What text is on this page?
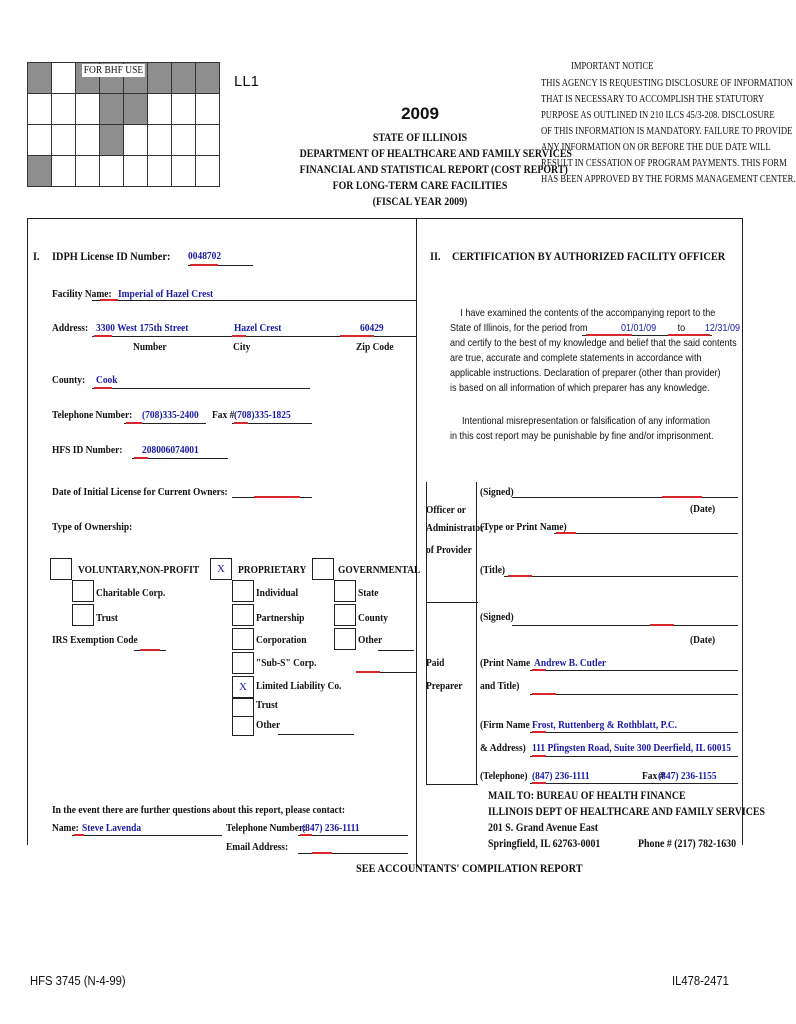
FOR BHF USE
LL1
IMPORTANT NOTICE
THIS AGENCY IS REQUESTING DISCLOSURE OF INFORMATION
THAT IS NECESSARY TO ACCOMPLISH THE STATUTORY
PURPOSE AS OUTLINED IN 210 ILCS 45/3-208. DISCLOSURE
OF THIS INFORMATION IS MANDATORY. FAILURE TO PROVIDE
ANY INFORMATION ON OR BEFORE THE DUE DATE WILL
RESULT IN CESSATION OF PROGRAM PAYMENTS. THIS FORM
HAS BEEN APPROVED BY THE FORMS MANAGEMENT CENTER.
2009
STATE OF ILLINOIS
DEPARTMENT OF HEALTHCARE AND FAMILY SERVICES
FINANCIAL AND STATISTICAL REPORT (COST REPORT)
FOR LONG-TERM CARE FACILITIES
(FISCAL YEAR 2009)
I. IDPH License ID Number: 0048702
Facility Name: Imperial of Hazel Crest
Address: 3300 West 175th Street	Hazel Crest	60429
Number	City	Zip Code
County: Cook
Telephone Number: (708)335-2400 Fax # (708)335-1825
HFS ID Number: 208006074001
Date of Initial License for Current Owners:
Type of Ownership:
VOLUNTARY,NON-PROFIT
Charitable Corp.
Trust
IRS Exemption Code
X	PROPRIETARY
Individual
Partnership
Corporation
"Sub-S" Corp.
X Limited Liability Co.
Trust
Other
GOVERNMENTAL
State
County
Other
II. CERTIFICATION BY AUTHORIZED FACILITY OFFICER
I have examined the contents of the accompanying report to the
State of Illinois, for the period from	01/01/09 to 12/31/09
and certify to the best of my knowledge and belief that the said contents
are true, accurate and complete statements in accordance with
applicable instructions. Declaration of preparer (other than provider)
is based on all information of which preparer has any knowledge.
Intentional misrepresentation or falsification of any information
in this cost report may be punishable by fine and/or imprisonment.
Officer or
Administrator
of Provider
(Signed)
(Date)
(Type or Print Name)
(Title)
(Signed)
(Date)
Paid
Preparer
(Print Name Andrew B. Cutler
and Title)
(Firm Name Frost, Ruttenberg & Rothblatt, P.C.
& Address) 111 Pfingsten Road, Suite 300 Deerfield, IL 60015
(Telephone) (847) 236-1111	Fax #
(847) 236-1155
MAIL TO: BUREAU OF HEALTH FINANCE
ILLINOIS DEPT OF HEALTHCARE AND FAMILY SERVICES
201 S. Grand Avenue East
Springfield, IL 62763-0001	Phone # (217) 782-1630
In the event there are further questions about this report, please contact:
Name: Steve Lavenda	Telephone Number:
(847) 236-1111
Email Address:
SEE ACCOUNTANTS' COMPILATION REPORT
HFS 3745 (N-4-99)	IL478-2471
